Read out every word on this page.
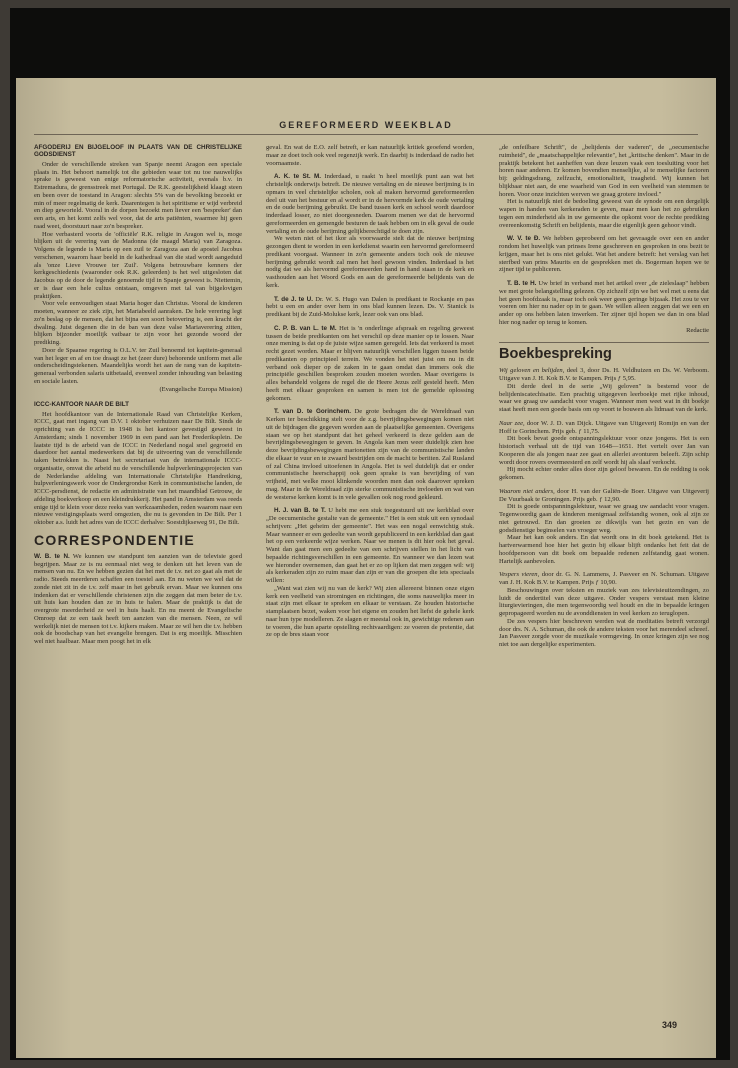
GEREFORMEERD WEEKBLAD
AFGODERIJ EN BIJGELOOF IN PLAATS VAN DE CHRISTELIJKE GODSDIENST

Onder de verschillende streken van Spanje neemt Aragon een speciale plaats in. Het behoort namelijk tot die gebieden waar tot nu toe nauwelijks sprake is geweest van enige reformatorische activiteit, evenals b.v. in Estremadura, de grensstreek met Portugal. De R.K. geestelijkheid klaagt steen en been over de toestand in Aragon: slechts 5% van de bevolking bezoekt er min of meer regelmatig de kerk. Daarentegen is het spiritisme er wijd verbreid en diep geworteld. Vooral in de dorpen bezoekt men liever een 'bespreker' dan een arts, en het komt zelfs wel voor, dat de arts patiënten, waarmee hij geen raad weet, doorstuurt naar zo'n bespreker.

Hoe verbasterd voorts de 'officiële' R.K. religie in Aragon wel is, moge blijken uit de verering van de Madonna (de maagd Maria) van Zaragoza. Volgens de legende is Maria op een zuil te Zaragoza aan de apostel Jacobus verschenen, waarom haar beeld in de kathedraal van die stad wordt aangeduid als 'onze Lieve Vrouwe ter Zuil'. Volgens betrouwbare kenners der kerkgeschiedenis (waaronder ook R.K. geleerden) is het wel uitgesloten dat Jacobus op de door de legende genoemde tijd in Spanje geweest is. Niettemin, er is daar een hele cultus ontstaan, omgeven met tal van bijgelovigen praktijken.

Voor vele eenvoudigen staat Maria hoger dan Christus. Vooral de kinderen moeten, wanneer ze ziek zijn, het Mariabeeld aanraken. De hele verering legt zo'n beslag op de mensen, dat het bijna een soort betovering is, een kracht der dwaling. Juist degenen die in de ban van deze valse Mariaverering zitten, blijken bijzonder moeilijk vatbaar te zijn voor het gezonde woord der prediking.

Door de Spaanse regering is O.L.V. ter Zuil benoemd tot kapitein-generaal van het leger en af en toe draagt ze het (zeer dure) behorende uniform met alle onderscheidingstekenen. Maandelijks wordt het aan de rang van de kapitein-generaal verbonden salaris uitbetaald, evenwel zonder inhouding van belasting en sociale lasten.

(Evangelische Europa Mission)

ICCC-KANTOOR NAAR DE BILT

Het hoofdkantoor van de Internationale Raad van Christelijke Kerken, ICCC, gaat met ingang van D.V. 1 oktober verhuizen naar De Bilt. Sinds de oprichting van de ICCC in 1948 is het kantoor gevestigd geweest in Amsterdam; sinds 1 november 1969 in een pand aan het Frederiksplein. De laatste tijd is de arbeid van de ICCC in Nederland nogal snel gegroeid en daardoor het aantal medewerkers dat bij de uitvoering van de verschillende taken betrokken is. Naast het secretariaat van de internationale ICCC-organisatie, omvat die arbeid nu de verschillende hulpverleningsprojecten van de Nederlandse afdeling van Internationale Christelijke Handreiking, hulpverleningswerk voor de Ondergrondse Kerk in communistische landen, de ICCC-persdienst, de redactie en administratie van het maandblad Getrouw, de afdeling boekverkoop en een kleindrukkerij. Het pand in Amsterdam was reeds enige tijd te klein voor deze reeks van werkzaamheden, reden waarom naar een nieuwe vestigingsplaats werd omgezien, die nu is gevonden in De Bilt. Per 1 oktober a.s. luidt het adres van de ICCC derhalve: Soestdijkseweg 91, De Bilt.

CORRESPONDENTIE

W. B. te N. We kunnen uw standpunt ten aanzien van de televisie goed begrijpen. Maar ze is nu eenmaal niet weg te denken uit het leven van de mensen van nu. En we hebben gezien dat het met de t.v. net zo gaat als met de radio. Steeds meerderen schaffen een toestel aan. En nu weten we wel dat de zonde niet zit in de t.v. zelf maar in het gebruik ervan. Maar we kunnen ons indenken dat er verschillende christenen zijn die zeggen dat men beter de t.v. uit huis kan houden dan ze in huis te halen. Maar de praktijk is dat de overgrote meerderheid ze wel in huis haalt. En nu meent de Evangelische Omroep dat ze een taak heeft ten aanzien van die mensen. Neen, ze wil werkelijk niet de mensen tot t.v. kijkers maken. Maar ze wil hen die t.v. hebben ook de boodschap van het evangelie brengen. Dat is erg moeilijk. Misschien wel niet haalbaar. Maar men poogt het in elk

geval. En wat de E.O. zelf betreft, er kan natuurlijk kritiek geoefend worden, maar ze doet toch ook veel regenzijk werk. En daarbij is inderdaad de radio het voornaamste.

A. K. te St. M. Inderdaad, u raakt 'n heel moeilijk punt aan wat het christelijk onderwijs betreft. De nieuwe vertaling en de nieuwe berijming is in opmars in veel christelijke scholen, ook al maken hervormd gereformeerden deel uit van het bestuur en al wordt er in de hervormde kerk de oude vertaling en de oude berijming gebruikt. De band tussen kerk en school wordt daardoor inderdaad losser, zo niet doorgesneden. Daarom menen we dat de hervormd gereformeerden en gemengde besturen de taak hebben om in elk geval de oude vertaling en de oude berijming gelijkberechtigd te doen zijn.

We weten niet of het ikor als voorwaarde stelt dat de nieuwe berijming gezongen dient te worden in een kerkdienst waarin een hervormd gereformeerd predikant voorgaat. Wanneer in zo'n gemeente anders toch ook de nieuwe berijming gebruikt wordt zal men het heel gewoon vinden. Inderdaad is het nodig dat we als hervormd gereformeerden hand in hand staan in de kerk en vasthouden aan het Woord Gods en aan de gereformeerde belijdenis van de kerk.

T. de J. te U. Dr. W. S. Hugo van Dalen is predikant te Rockanje en pas hebt u een en ander over hem in ons blad kunnen lezen. Ds. V. Stanick is predikant bij de Zuid-Molukse kerk, lezer ook van ons blad.

C. P. B. van L. te M. Het is 'n onderlinge afspraak en regeling geweest tussen de beide predikanten om het verschil op deze manier op te lossen. Naar onze mening is dat op de juiste wijze samen geregeld. Iets dat verkeerd is moet recht gezet worden. Maar er blijven natuurlijk verschillen liggen tussen beide predikanten op principieel terrein. We vonden het niet juist om nu in dit verband ook dieper op de zaken in te gaan omdat dan immers ook die principiële geschillen besproken zouden moeten worden. Maar overigens is alles behandeld volgens de regel die de Heere Jezus zelf gesteld heeft. Men heeft met elkaar gesproken en samen is men tot de gemelde oplossing gekomen.

T. van D. te Gorinchem. De grote bedragen die de Wereldraad van Kerken ter beschikking stelt voor de z.g. bevrijdingsbewegingen komen niet uit de bijdragen die gegeven worden aan de plaatselijke gemeenten. Overigens staan we op het standpunt dat het geheel verkeerd is deze gelden aan de bevrijdingsbewegingen te geven. In Angola kan men weer duidelijk zien hoe deze bevrijdingsbewegingen marionetten zijn van de communistische landen die elkaar te vuur en te zwaard bestrijden om de macht te beriiten. Zal Rusland of zal China invloed uitoefenen in Angola. Het is wel duidelijk dat er onder communistische heerschappij ook geen sprake is van bevrijding of van vrijheid, met welke mooi klinkende woorden men dan ook daarover spreken mag. Maar in de Wereldraad zijn sterke communistische invloeden en wat van de westerse kerken komt is in vele gevallen ook nog rood gekleurd.

H. J. van B. te T. U hebt me een stuk toegestuurd uit uw kerkblad over „De oecumenische gestalte van de gemeente." Het is een stuk uit een synodaal schrijven: „Het geheim der gemeente". Het was een nogal eenwichtig stuk. Maar wanneer er een gedeelte van wordt gepubliceerd in een kerkblad dan gaat het op een verkeerde wijze werken. Naar we menen is dit hier ook het geval. Want dan gaat men een gedeelte van een schrijven stellen in het licht van bepaalde richtingsverschillen in een gemeente. En wanneer we dan lezen wat we hieronder overnemen, dan gaat het er zo op lijken dat men zeggen wil: wij als kerkeraden zijn zo ruim maar dan zijn er van die groepen die iets speciaals willen:

„Want wat zien wij nu van de kerk? Wij zien allereerst binnen onze eigen kerk een veelheid van stromingen en richtingen, die soms nauwelijks meer in staat zijn met elkaar te spreken en elkaar te verstaan. Ze houden historische stamplaatsen bezet, waken voor het eigene en zouden het liefst de gehele kerk naar hun type modelleren. Ze slagen er meestal ook in, gewichtige redenen aan te voeren, die hun aparte opstelling rechtvaardigen: ze voeren de pretentie, dat ze op de bres staan voor

„de onfeilbare Schrift", de „belijdenis der vaderen", de „oecumenische ruimheid", de „maatschappelijke relevantie", het „kritische denken". Maar in de praktijk betekent het aanheffen van deze leuzen vaak een toesluiting voor het horen naar anderen. Er komen bovendien menselijke, al te menselijke factoren bij: geldingsdrang, zelfzucht, emotionaliteit, traagheid. Wij kunnen het blijkbaar niet aan, de ene waarheid van God in een veelheid van stemmen te horen. Voor onze inzichten werven we graag grotere invloed."

Het is natuurlijk niet de bedoeling geweest van de synode om een dergelijk wapen in handen van kerkeraden te geven, maar men kan het zo gebruiken tegen een minderheid als in uw gemeente die opkomt voor de rechte prediking overeenkomstig Schrift en belijdenis, maar die eigenlijk geen gehoor vindt.

W. V. te Ð. We hebben geprobeerd om het gevraagde over een en ander rondom het huwelijk van prinses Irene geschreven en gesproken in ons bezit te krijgen, maar het is ons niet gelukt. Wat het andere betreft: het verslag van het sterfbed van prins Maurits en de gesprekken met ds. Bogerman hopen we te zijner tijd te publiceren.

T. B. te H. Uw brief in verband met het artikel over „de zieleslaap" hebben we met grote belangstelling gelezen. Op zichzelf zijn we het wel met u eens dat het geen hoofdzaak is, maar toch ook weer geen geringe bijzaak. Het zou te ver voeren om hier nu nader op in te gaan. We willen alleen zeggen dat we een en ander op ons hebben laten inwerken. Ter zijner tijd hopen we dan in ons blad hier nog nader op terug te komen.

Redactie

Boekbespreking

Wij geloven en belijden, deel 3, door Ds. H. Veldhuizen en Ds. W. Verboom. Uitgave van J. H. Kok B.V. te Kampen. Prijs ƒ 5,95.

Dit derde deel in de serie „Wij geloven" is bestemd voor de belijdeniscatechisatie. Een prachtig uitgegeven leerboekje met rijke inhoud, waar we graag uw aandacht voor vragen. Wanneer men weet wat in dit boekje staat heeft men een goede basis om op voort te bouwen als lidmaat van de kerk.

Naar zee, door W. J. D. van Dijck. Uitgave van Uitgeverij Romijn en van der Hoff te Gorinchem. Prijs geb. ƒ 11,75.

Dit boek bevat goede ontspanningslektuur voor onze jongens. Het is een historisch verhaal uit de tijd van 1648—1651. Het vertelt over Jan van Kooperen die als jongen naar zee gaat en allerlei avonturen beleeft. Zijn schip wordt door rovers overmeesterd en zelf wordt hij als slaaf verkocht.

Hij mocht echter onder alles door zijn geloof bewaren. En de redding is ook gekomen.

Waarom niet anders, door H. van der Galiën-de Boer. Uitgave van Uitgeverij De Vuurbaak te Groningen. Prijs geb. ƒ 12,90.

Dit is goede ontspanningslektuur, waar we graag uw aandacht voor vragen. Tegenwoordig gaan de kinderen menigmaal zelfstandig wonen, ook al zijn ze niet getrouwd. En dan groeien ze dikwijls van het gezin en van de godsdienstige beginselen van vroeger weg.

Maar het kan ook anders. En dat wordt ons in dit boek getekend. Het is hartverwarmend hoe hier het gezin bij elkaar blijft ondanks het feit dat de hoofdpersoon van dit boek om bepaalde redenen zelfstandig gaat wonen. Hartelijk aanbevolen.

Vespers vieren, door dr. G. N. Lammens, J. Pasveer en N. Schuman. Uitgave van J. H. Kok B.V. te Kampen. Prijs ƒ 10,90.

Beschouwingen over teksten en muziek van zes televisieuitzendingen, zo luidt de ondertitel van deze uitgave. Onder vespers verstaat men kleine liturgievieringen, die men tegenwoordig wel houdt en die in bepaalde kringen gepropageerd worden nu de avonddiensten in veel kerken zo teruglopen.

De zes vespers hier beschreven werden wat de meditaties betreft verzorgd door drs. N. A. Schuman, die ook de andere teksten voor het merendeel schreef. Jan Pasveer zorgde voor de muzikale vormgeving. In onze kringen zijn we nog niet toe aan dergelijke experimenten.

349
